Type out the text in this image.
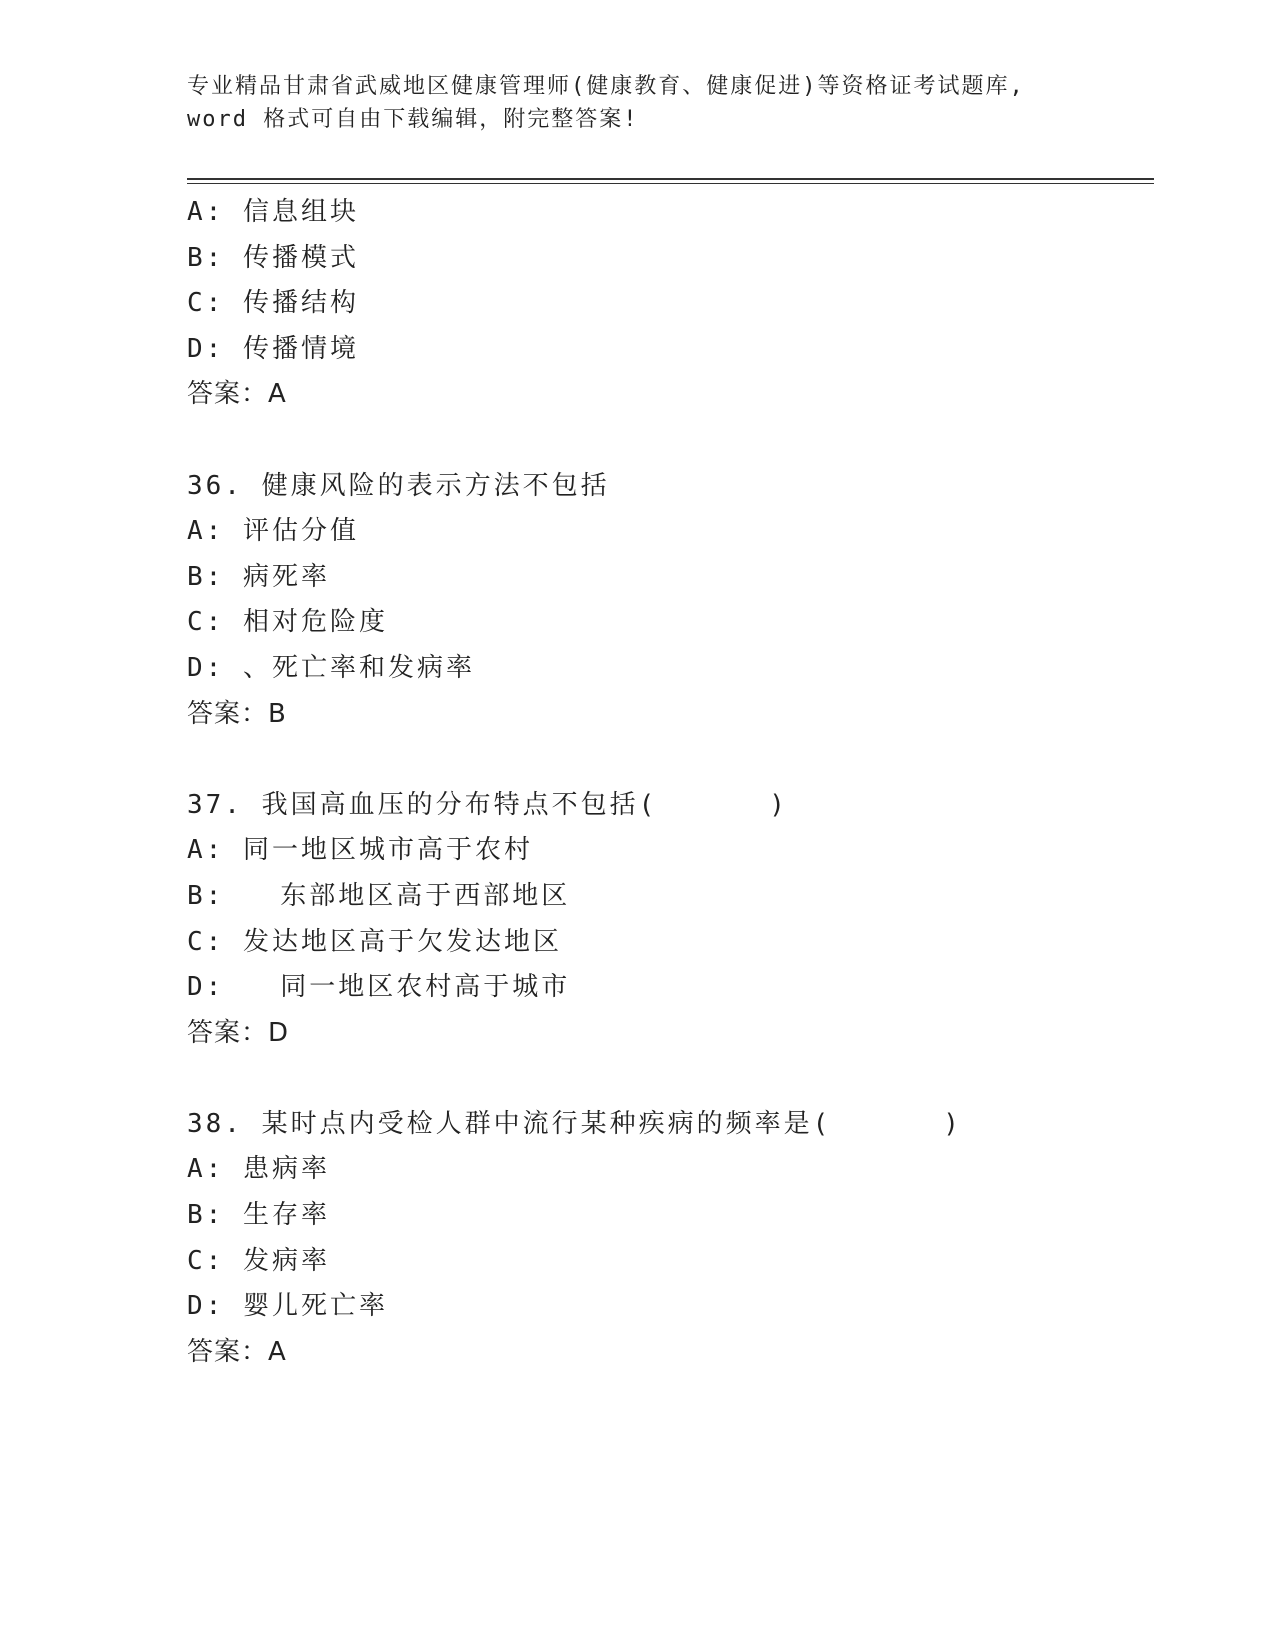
专业精品甘肃省武威地区健康管理师(健康教育、健康促进)等资格证考试题库,
word 格式可自由下载编辑，附完整答案!
A: 信息组块
B: 传播模式
C: 传播结构
D: 传播情境
答案：A
36. 健康风险的表示方法不包括
A: 评估分值
B: 病死率
C: 相对危险度
D: 、死亡率和发病率
答案：B
37. 我国高血压的分布特点不包括(      )
A: 同一地区城市高于农村
B:   东部地区高于西部地区
C: 发达地区高于欠发达地区
D:   同一地区农村高于城市
答案：D
38. 某时点内受检人群中流行某种疾病的频率是(      )
A: 患病率
B: 生存率
C: 发病率
D: 婴儿死亡率
答案：A
